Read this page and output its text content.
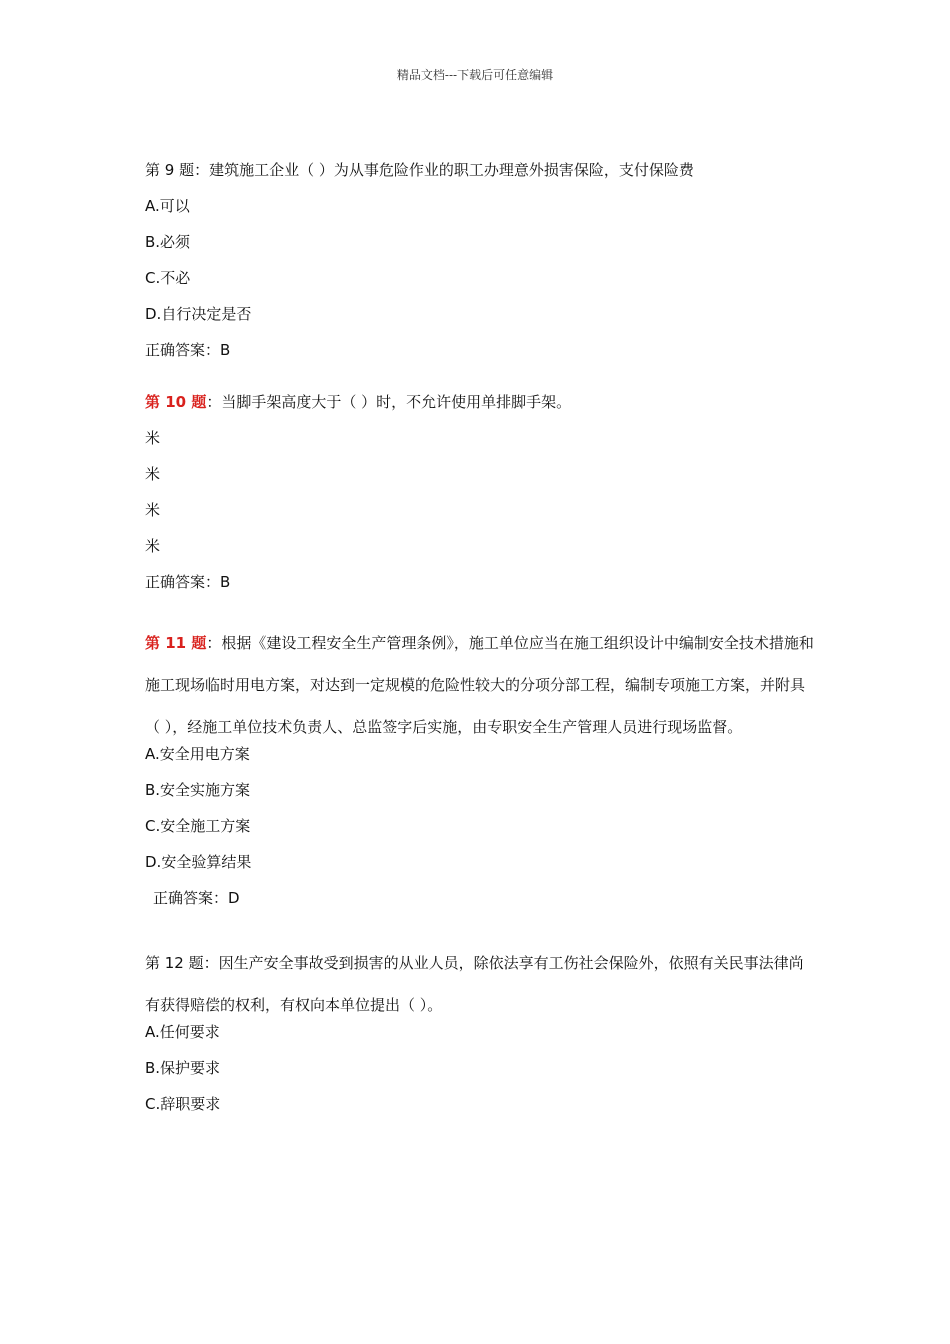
精品文档---下载后可任意编辑
第 9 题：建筑施工企业（ ）为从事危险作业的职工办理意外损害保险，支付保险费
A.可以
B.必须
C.不必
D.自行决定是否
正确答案：B
第 10 题：当脚手架高度大于（ ）时，不允许使用单排脚手架。
米
米
米
米
正确答案：B
第 11 题：根据《建设工程安全生产管理条例》，施工单位应当在施工组织设计中编制安全技术措施和施工现场临时用电方案，对达到一定规模的危险性较大的分项分部工程，编制专项施工方案，并附具（ ），经施工单位技术负责人、总监签字后实施，由专职安全生产管理人员进行现场监督。
A.安全用电方案
B.安全实施方案
C.安全施工方案
D.安全验算结果
正确答案：D
第 12 题：因生产安全事故受到损害的从业人员，除依法享有工伤社会保险外，依照有关民事法律尚有获得赔偿的权利，有权向本单位提出（ ）。
A.任何要求
B.保护要求
C.辞职要求
